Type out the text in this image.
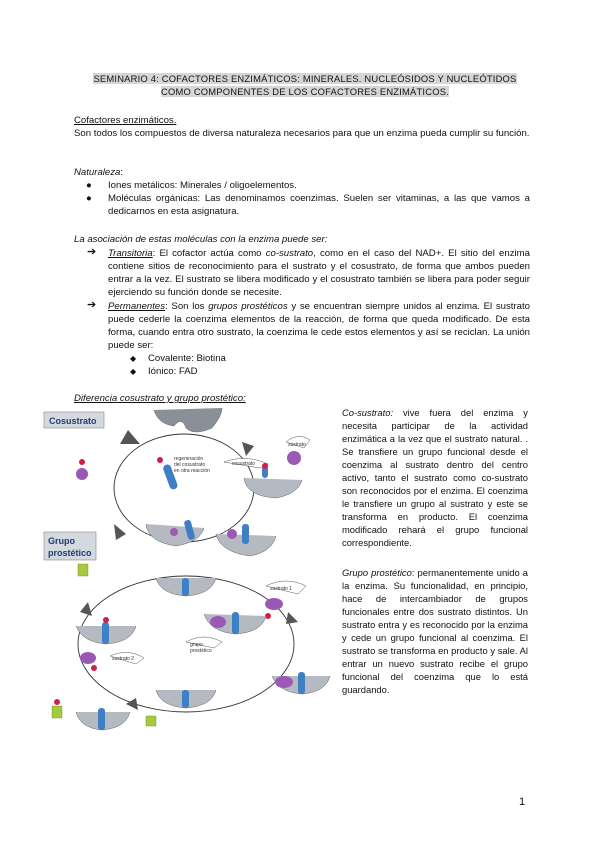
SEMINARIO 4: COFACTORES ENZIMÁTICOS: MINERALES. NUCLEÓSIDOS Y NUCLEÓTIDOS
COMO COMPONENTES DE LOS COFACTORES ENZIMÁTICOS.
Cofactores enzimáticos.
Son todos los compuestos de diversa naturaleza necesarios para que un enzima pueda cumplir su función.
Naturaleza:
● Iones metálicos: Minerales / oligoelementos.
● Moléculas orgánicas: Las denominamos coenzimas. Suelen ser vitaminas, a las que vamos a dedicarnos en esta asignatura.
La asociación de estas moléculas con la enzima puede ser:
➔ Transitoria: El cofactor actúa como co-sustrato, como en el caso del NAD+. El sitio del enzima contiene sitios de reconocimiento para el sustrato y el cosustrato, de forma que ambos pueden entrar a la vez. El sustrato se libera modificado y el cosustrato también se libera para poder seguir ejerciendo su función donde se necesite.
➔ Permanentes: Son los grupos prostéticos y se encuentran siempre unidos al enzima. El sustrato puede cederle la coenzima elementos de la reacción, de forma que queda modificado. De esta forma, cuando entra otro sustrato, la coenzima le cede estos elementos y así se reciclan. La unión puede ser:
◆ Covalente: Biotina
◆ Iónico: FAD
Diferencia cosustrato y grupo prostético:
Cosustrato
sustrato
cosustrato
regeneración
del cosustrato
en otra reacción
Grupo
prostético
sustrato 1
grupo
prostético
sustrato 2
Co-sustrato: vive fuera del enzima y necesita participar de la actividad enzimática a la vez que el sustrato natural. . Se transfiere un grupo funcional desde el coenzima al sustrato dentro del centro activo, tanto el sustrato como co-sustrato son reconocidos por el enzima. El coenzima le transfiere un grupo al sustrato y este se transforma en producto. El coenzima modificado rehará el grupo funcional correspondiente.
Grupo prostético: permanentemente unido a la enzima. Su funcionalidad, en principio, hace de intercambiador de grupos funcionales entre dos sustrato distintos. Un sustrato entra y es reconocido por la enzima y cede un grupo funcional al coenzima. El sustrato se transforma en producto y sale. Al entrar un nuevo sustrato recibe el grupo funcional del coenzima que lo está guardando.
1
